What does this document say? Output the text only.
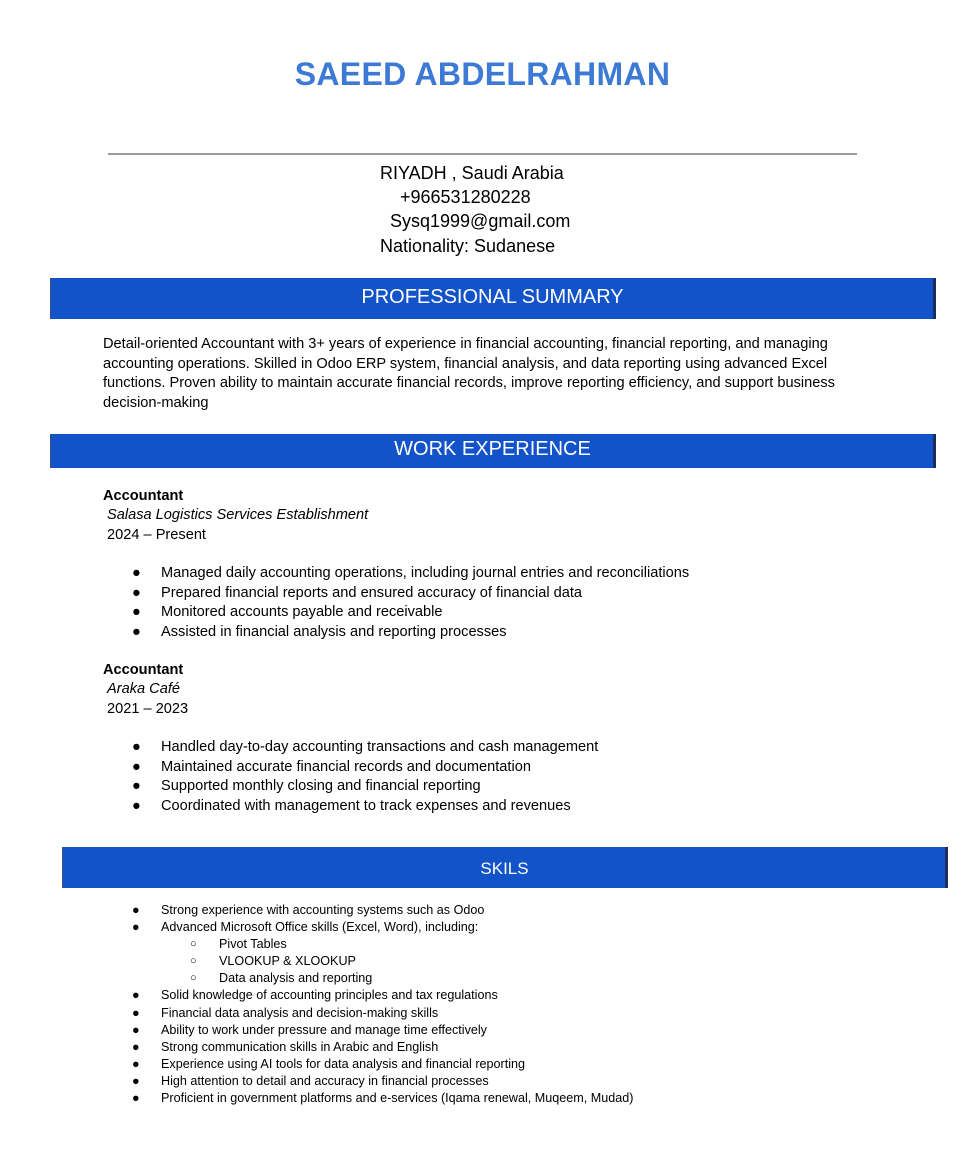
SAEED ABDELRAHMAN
RIYADH , Saudi Arabia
+966531280228
Sysq1999@gmail.com
Nationality: Sudanese
PROFESSIONAL SUMMARY
Detail-oriented Accountant with 3+ years of experience in financial accounting, financial reporting, and managing
accounting operations. Skilled in Odoo ERP system, financial analysis, and data reporting using advanced Excel
functions. Proven ability to maintain accurate financial records, improve reporting efficiency, and support business
decision-making
WORK EXPERIENCE
Accountant
Salasa Logistics Services Establishment
2024 – Present
● Managed daily accounting operations, including journal entries and reconciliations
● Prepared financial reports and ensured accuracy of financial data
● Monitored accounts payable and receivable
● Assisted in financial analysis and reporting processes
Accountant
Araka Café
2021 – 2023
● Handled day-to-day accounting transactions and cash management
● Maintained accurate financial records and documentation
● Supported monthly closing and financial reporting
● Coordinated with management to track expenses and revenues
SKILS
● Strong experience with accounting systems such as Odoo
● Advanced Microsoft Office skills (Excel, Word), including:
○ Pivot Tables
○ VLOOKUP & XLOOKUP
○ Data analysis and reporting
● Solid knowledge of accounting principles and tax regulations
● Financial data analysis and decision-making skills
● Ability to work under pressure and manage time effectively
● Strong communication skills in Arabic and English
● Experience using AI tools for data analysis and financial reporting
● High attention to detail and accuracy in financial processes
● Proficient in government platforms and e-services (Iqama renewal, Muqeem, Mudad)
